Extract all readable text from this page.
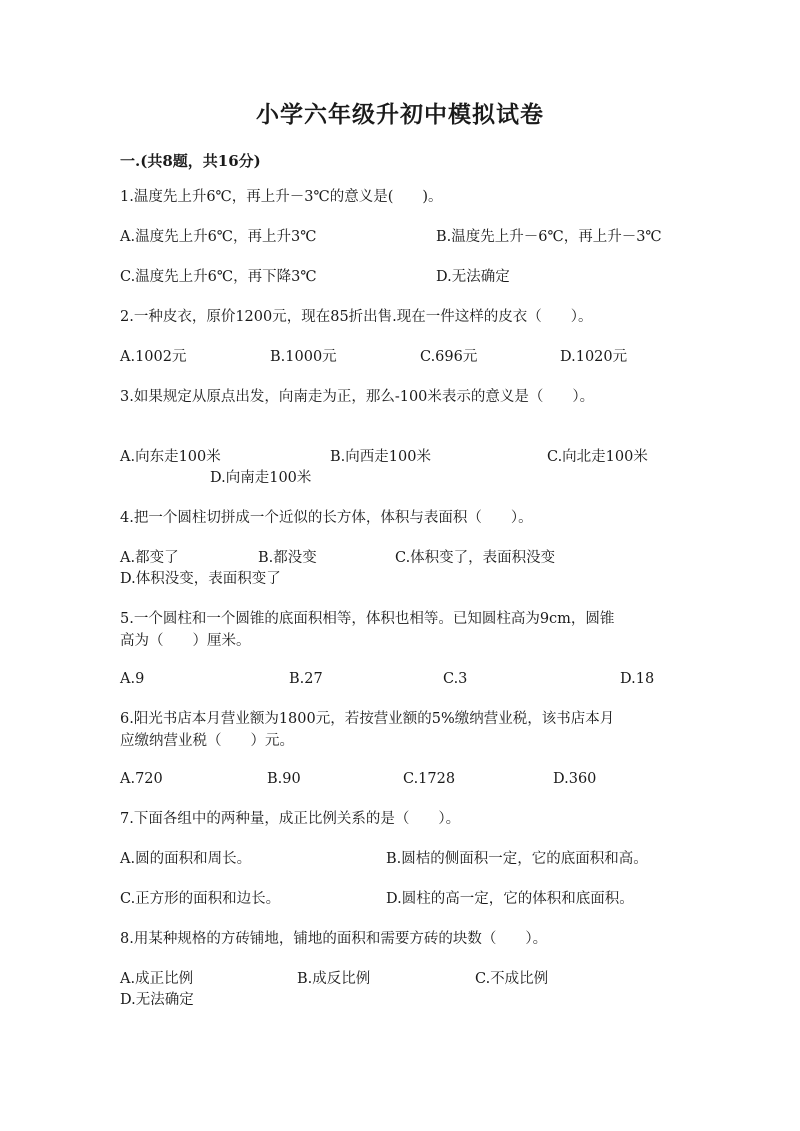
小学六年级升初中模拟试卷
一.(共8题，共16分)
1.温度先上升6℃，再上升－3℃的意义是(　　)。
A.温度先上升6℃，再上升3℃	B.温度先上升－6℃，再上升－3℃
C.温度先上升6℃，再下降3℃	D.无法确定
2.一种皮衣，原价1200元，现在85折出售.现在一件这样的皮衣（　　）。
A.1002元	B.1000元	C.696元	D.1020元
3.如果规定从原点出发，向南走为正，那么-100米表示的意义是（　　）。
A.向东走100米	B.向西走100米	C.向北走100米
D.向南走100米
4.把一个圆柱切拼成一个近似的长方体，体积与表面积（　　）。
A.都变了	B.都没变	C.体积变了，表面积没变
D.体积没变，表面积变了
5.一个圆柱和一个圆锥的底面积相等，体积也相等。已知圆柱高为9cm，圆锥
高为（　　）厘米。
A.9	B.27	C.3	D.18
6.阳光书店本月营业额为1800元，若按营业额的5%缴纳营业税，该书店本月
应缴纳营业税（　　）元。
A.720	B.90	C.1728	D.360
7.下面各组中的两种量，成正比例关系的是（　　）。
A.圆的面积和周长。	B.圆桔的侧面积一定，它的底面积和高。
C.正方形的面积和边长。	D.圆柱的高一定，它的体积和底面积。
8.用某种规格的方砖铺地，铺地的面积和需要方砖的块数（　　）。
A.成正比例	B.成反比例	C.不成比例
D.无法确定
